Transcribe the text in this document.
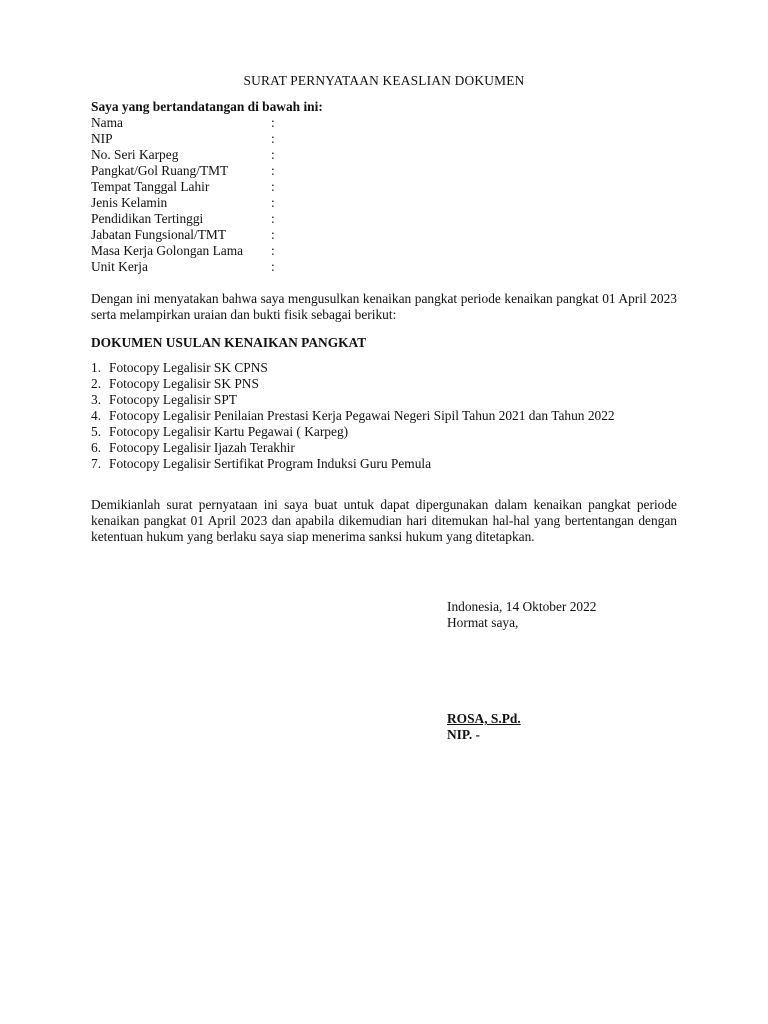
SURAT PERNYATAAN KEASLIAN DOKUMEN
Saya yang bertandatangan di bawah ini:
Nama	:
NIP	:
No. Seri Karpeg	:
Pangkat/Gol Ruang/TMT	:
Tempat Tanggal Lahir	:
Jenis Kelamin	:
Pendidikan Tertinggi	:
Jabatan Fungsional/TMT	:
Masa Kerja Golongan Lama :
Unit Kerja	:
Dengan ini menyatakan bahwa saya mengusulkan kenaikan pangkat periode kenaikan pangkat 01 April 2023 serta melampirkan uraian dan bukti fisik sebagai berikut:
DOKUMEN USULAN KENAIKAN PANGKAT
1. Fotocopy Legalisir SK CPNS
2. Fotocopy Legalisir SK PNS
3. Fotocopy Legalisir SPT
4. Fotocopy Legalisir Penilaian Prestasi Kerja Pegawai Negeri Sipil Tahun 2021 dan Tahun 2022
5. Fotocopy Legalisir Kartu Pegawai ( Karpeg)
6. Fotocopy Legalisir Ijazah Terakhir
7. Fotocopy Legalisir Sertifikat Program Induksi Guru Pemula
Demikianlah surat pernyataan ini saya buat untuk dapat dipergunakan dalam kenaikan pangkat periode kenaikan pangkat 01 April 2023 dan apabila dikemudian hari ditemukan hal-hal yang bertentangan dengan ketentuan hukum yang berlaku saya siap menerima sanksi hukum yang ditetapkan.
Indonesia, 14 Oktober 2022
Hormat saya,
ROSA, S.Pd.
NIP. -
